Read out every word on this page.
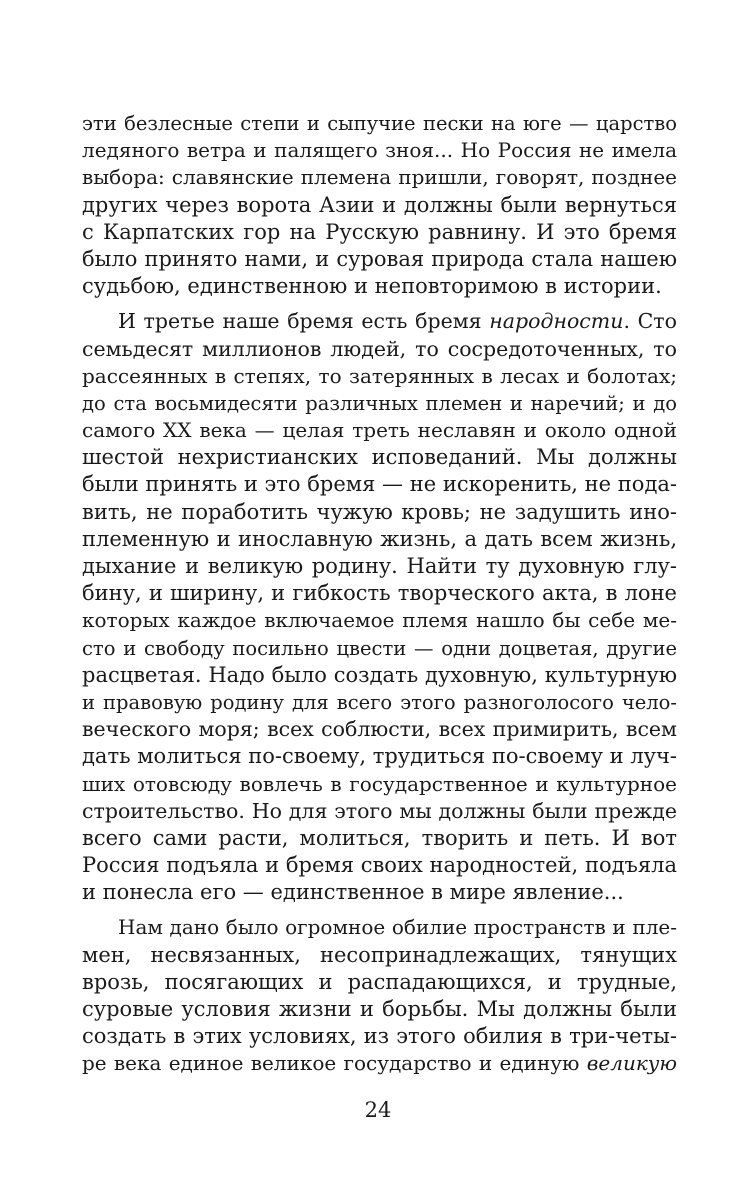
эти безлесные степи и сыпучие пески на юге — царство
ледяного ветра и палящего зноя... Но Россия не имела
выбора: славянские племена пришли, говорят, позднее
других через ворота Азии и должны были вернуться
с Карпатских гор на Русскую равнину. И это бремя
было принято нами, и суровая природа стала нашею
судьбою, единственною и неповторимою в истории.
И третье наше бремя есть бремя народности. Сто
семьдесят миллионов людей, то сосредоточенных, то
рассеянных в степях, то затерянных в лесах и болотах;
до ста восьмидесяти различных племен и наречий; и до
самого XX века — целая треть неславян и около одной
шестой нехристианских исповеданий. Мы должны
были принять и это бремя — не искоренить, не пода-
вить, не поработить чужую кровь; не задушить ино-
племенную и инославную жизнь, а дать всем жизнь,
дыхание и великую родину. Найти ту духовную глу-
бину, и ширину, и гибкость творческого акта, в лоне
которых каждое включаемое племя нашло бы себе ме-
сто и свободу посильно цвести — одни доцветая, другие
расцветая. Надо было создать духовную, культурную
и правовую родину для всего этого разноголосого чело-
веческого моря; всех соблюсти, всех примирить, всем
дать молиться по-своему, трудиться по-своему и луч-
ших отовсюду вовлечь в государственное и культурное
строительство. Но для этого мы должны были прежде
всего сами расти, молиться, творить и петь. И вот
Россия подъяла и бремя своих народностей, подъяла
и понесла его — единственное в мире явление...
Нам дано было огромное обилие пространств и пле-
мен, несвязанных, несопринадлежащих, тянущих
врозь, посягающих и распадающихся, и трудные,
суровые условия жизни и борьбы. Мы должны были
создать в этих условиях, из этого обилия в три-четы-
ре века единое великое государство и единую великую
24
